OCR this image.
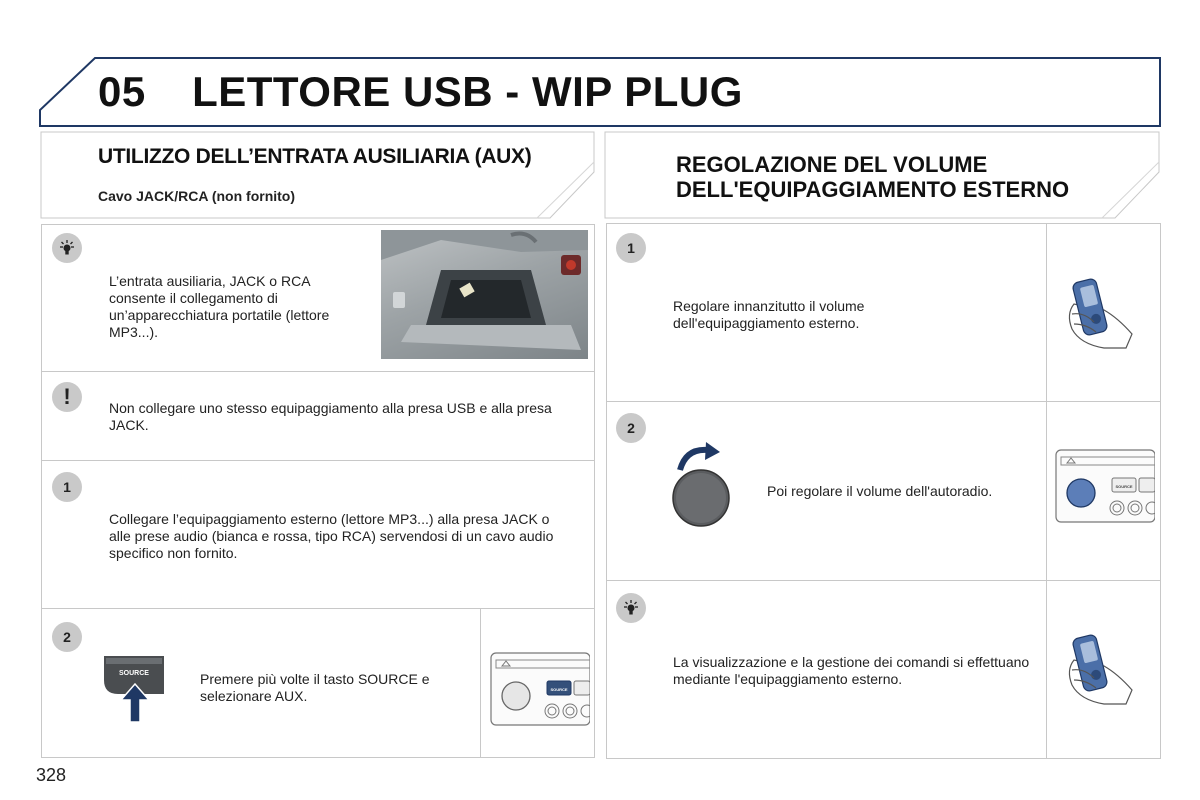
05 LETTORE USB - WIP PLUG
UTILIZZO DELL’ENTRATA AUSILIARIA (AUX)
Cavo JACK/RCA (non fornito)
L’entrata ausiliaria, JACK o RCA consente il collegamento di un’apparecchiatura portatile (lettore MP3...).
!	Non collegare uno stesso equipaggiamento alla presa USB e alla presa JACK.
1
Collegare l’equipaggiamento esterno (lettore MP3...) alla presa JACK o alle prese audio (bianca e rossa, tipo RCA) servendosi di un cavo audio specifico non fornito.
2
SOURCE	Premere più volte il tasto SOURCE e selezionare AUX.	SOURCE
REGOLAZIONE DEL VOLUME
DELL'EQUIPAGGIAMENTO ESTERNO
1
Regolare innanzitutto il volume dell'equipaggiamento esterno.
2
Poi regolare il volume dell'autoradio.	SOURCE
La visualizzazione e la gestione dei comandi si effettuano mediante l'equipaggiamento esterno.
328
